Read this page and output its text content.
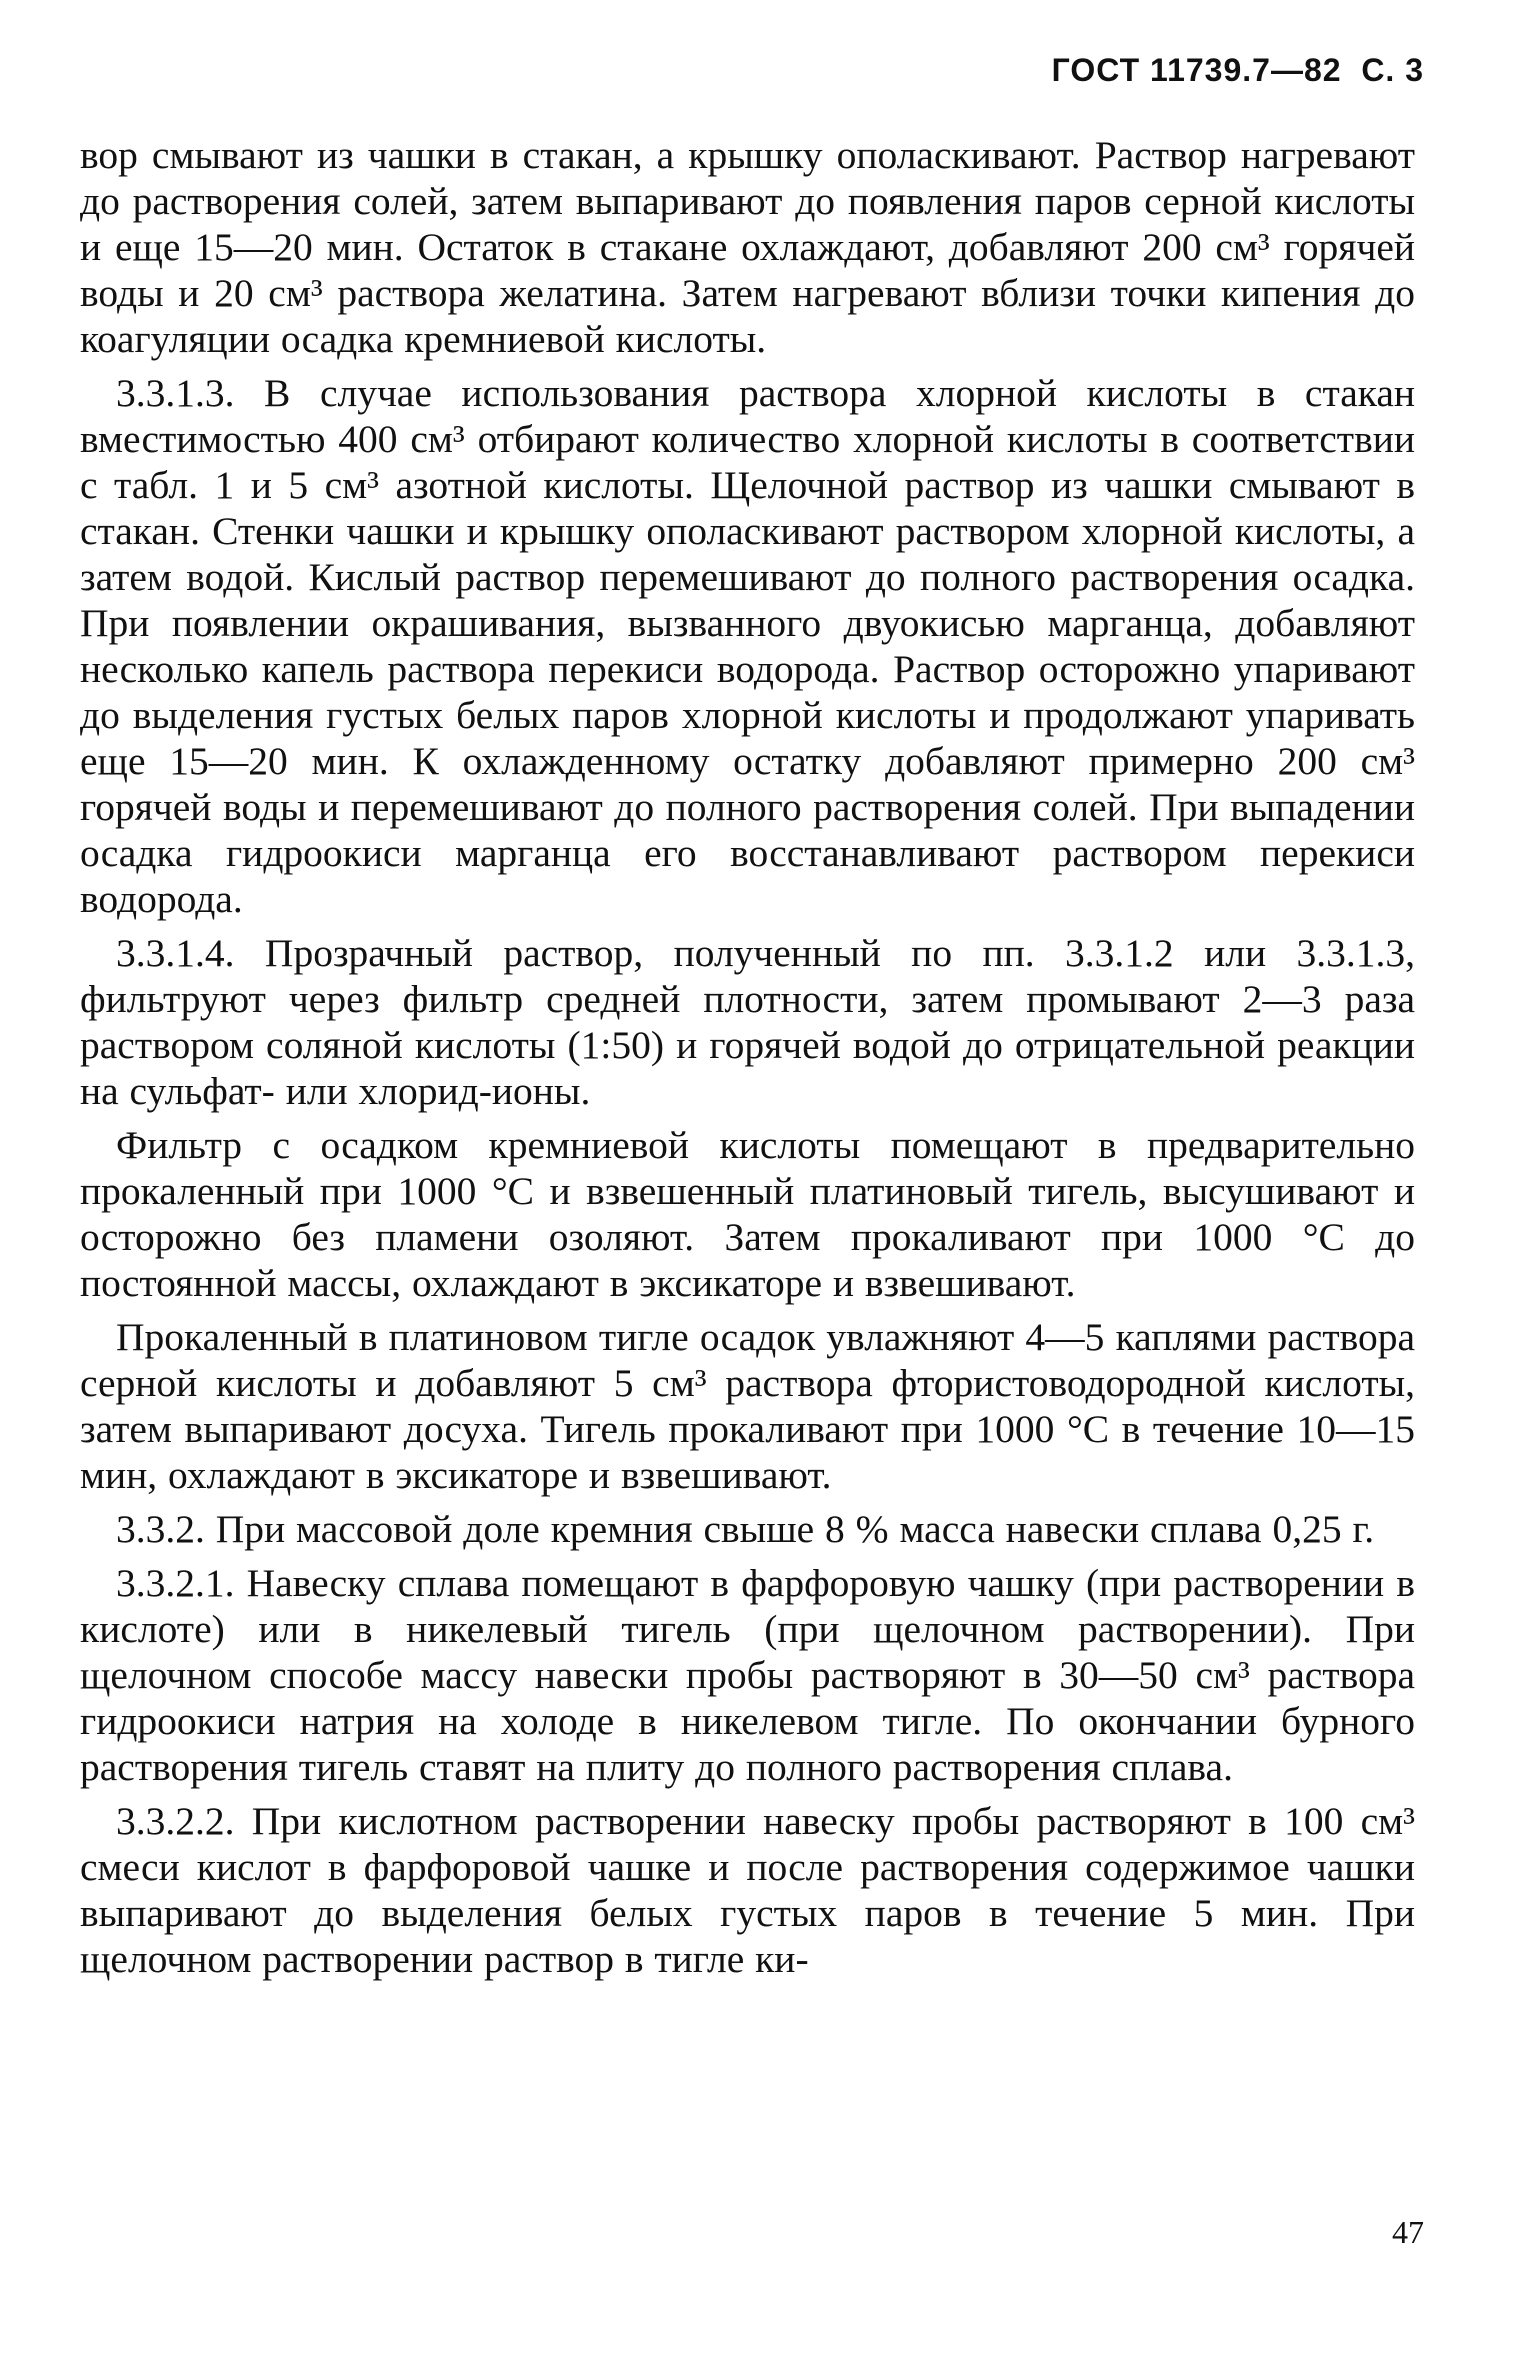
ГОСТ 11739.7—82 С. 3

вор смывают из чашки в стакан, а крышку ополаскивают. Раствор нагревают до растворения солей, затем выпаривают до появления паров серной кислоты и еще 15—20 мин. Остаток в стакане охлаждают, добавляют 200 см³ горячей воды и 20 см³ раствора желатина. Затем нагревают вблизи точки кипения до коагуляции осадка кремниевой кислоты.

3.3.1.3. В случае использования раствора хлорной кислоты в стакан вместимостью 400 см³ отбирают количество хлорной кислоты в соответствии с табл. 1 и 5 см³ азотной кислоты. Щелочной раствор из чашки смывают в стакан. Стенки чашки и крышку ополаскивают раствором хлорной кислоты, а затем водой. Кислый раствор перемешивают до полного растворения осадка. При появлении окрашивания, вызванного двуокисью марганца, добавляют несколько капель раствора перекиси водорода. Раствор осторожно упаривают до выделения густых белых паров хлорной кислоты и продолжают упаривать еще 15—20 мин. К охлажденному остатку добавляют примерно 200 см³ горячей воды и перемешивают до полного растворения солей. При выпадении осадка гидроокиси марганца его восстанавливают раствором перекиси водорода.

3.3.1.4. Прозрачный раствор, полученный по пп. 3.3.1.2 или 3.3.1.3, фильтруют через фильтр средней плотности, затем промывают 2—3 раза раствором соляной кислоты (1:50) и горячей водой до отрицательной реакции на сульфат- или хлорид-ионы.

Фильтр с осадком кремниевой кислоты помещают в предварительно прокаленный при 1000 °С и взвешенный платиновый тигель, высушивают и осторожно без пламени озоляют. Затем прокаливают при 1000 °С до постоянной массы, охлаждают в эксикаторе и взвешивают.

Прокаленный в платиновом тигле осадок увлажняют 4—5 каплями раствора серной кислоты и добавляют 5 см³ раствора фтористоводородной кислоты, затем выпаривают досуха. Тигель прокаливают при 1000 °С в течение 10—15 мин, охлаждают в эксикаторе и взвешивают.

3.3.2. При массовой доле кремния свыше 8 % масса навески сплава 0,25 г.

3.3.2.1. Навеску сплава помещают в фарфоровую чашку (при растворении в кислоте) или в никелевый тигель (при щелочном растворении). При щелочном способе массу навески пробы растворяют в 30—50 см³ раствора гидроокиси натрия на холоде в никелевом тигле. По окончании бурного растворения тигель ставят на плиту до полного растворения сплава.

3.3.2.2. При кислотном растворении навеску пробы растворяют в 100 см³ смеси кислот в фарфоровой чашке и после растворения содержимое чашки выпаривают до выделения белых густых паров в течение 5 мин. При щелочном растворении раствор в тигле ки-

47
